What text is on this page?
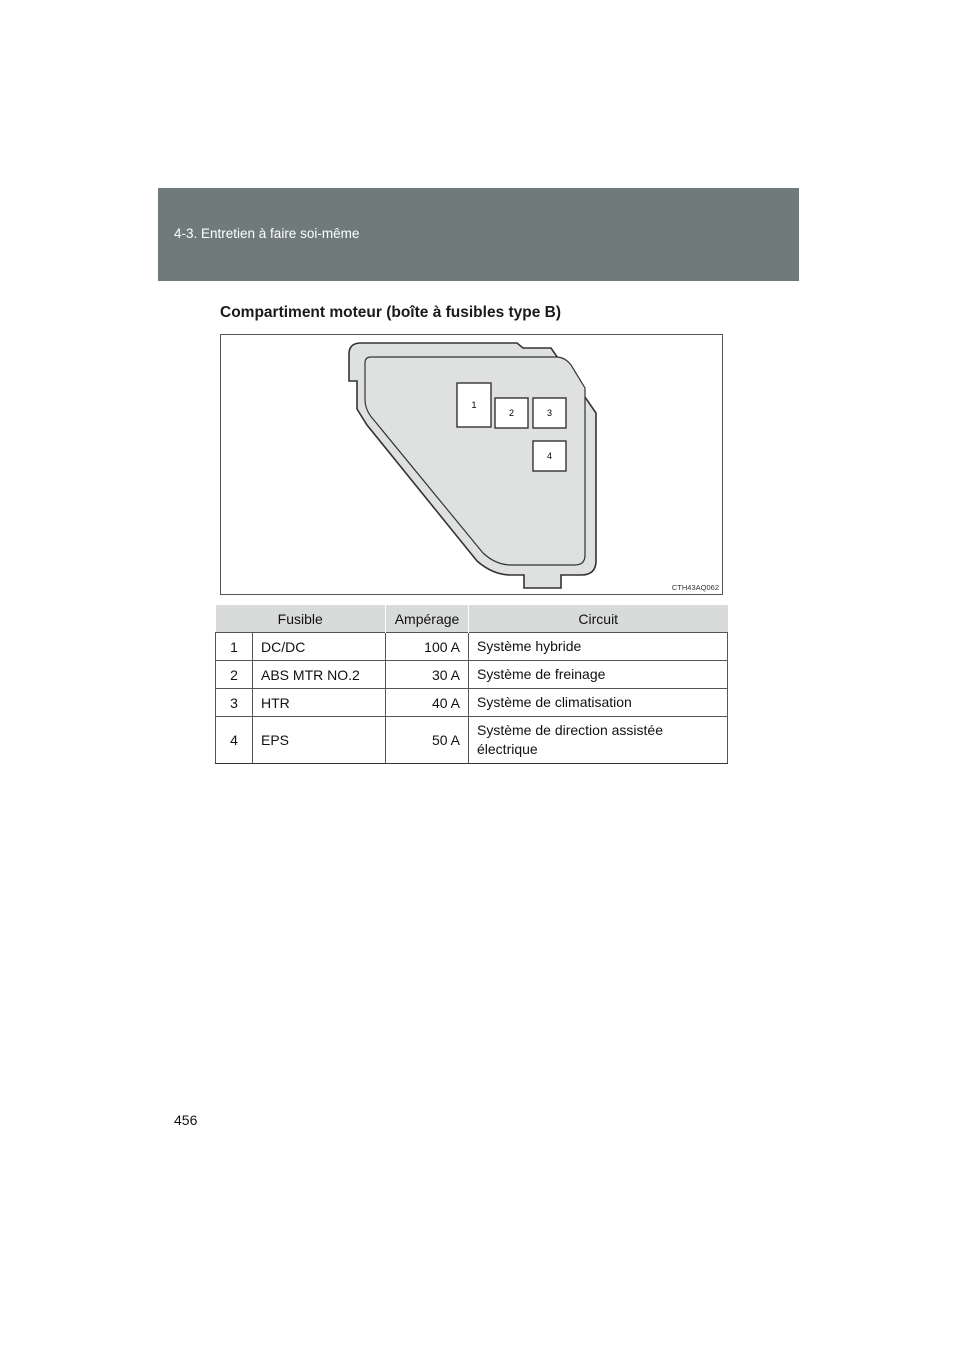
4-3. Entretien à faire soi-même
Compartiment moteur (boîte à fusibles type B)
1
2	3
4
CTH43AQ062
Fusible		Ampérage	Circuit
1	DC/DC	100 A	Système hybride
2	ABS MTR NO.2	30 A	Système de freinage
3	HTR	40 A	Système de climatisation
4	EPS	50 A	Système de direction assistée électrique
456
